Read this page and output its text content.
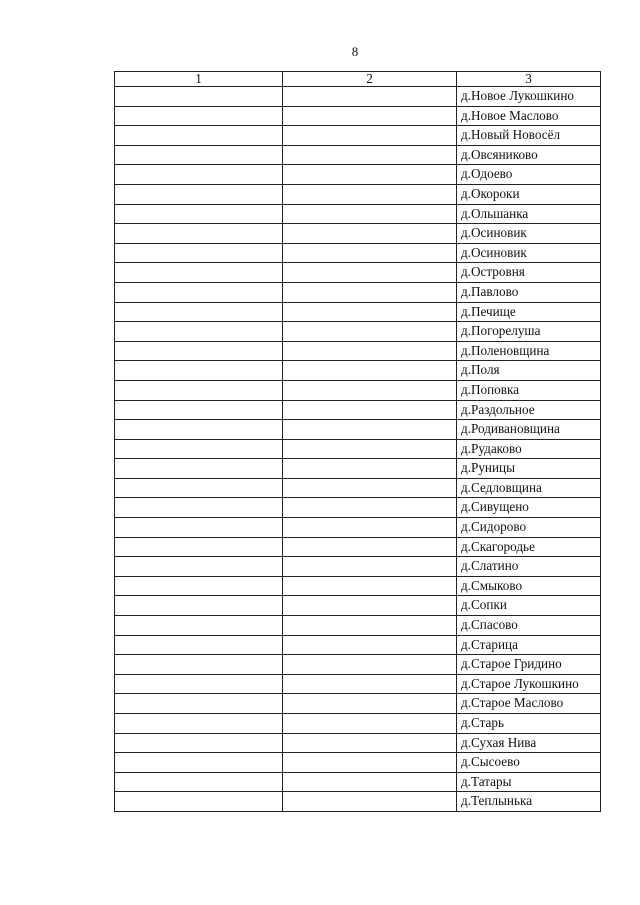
8
1	2	3
		д.Новое Лукошкино
		д.Новое Маслово
		д.Новый Новосёл
		д.Овсяниково
		д.Одоево
		д.Окороки
		д.Ольшанка
		д.Осиновик
		д.Осиновик
		д.Островня
		д.Павлово
		д.Печище
		д.Погорелуша
		д.Поленовщина
		д.Поля
		д.Поповка
		д.Раздольное
		д.Родивановщина
		д.Рудаково
		д.Руницы
		д.Седловщина
		д.Сивущено
		д.Сидорово
		д.Скагородье
		д.Слатино
		д.Смыково
		д.Сопки
		д.Спасово
		д.Старица
		д.Старое Гридино
		д.Старое Лукошкино
		д.Старое Маслово
		д.Старь
		д.Сухая Нива
		д.Сысоево
		д.Татары
		д.Теплынька
